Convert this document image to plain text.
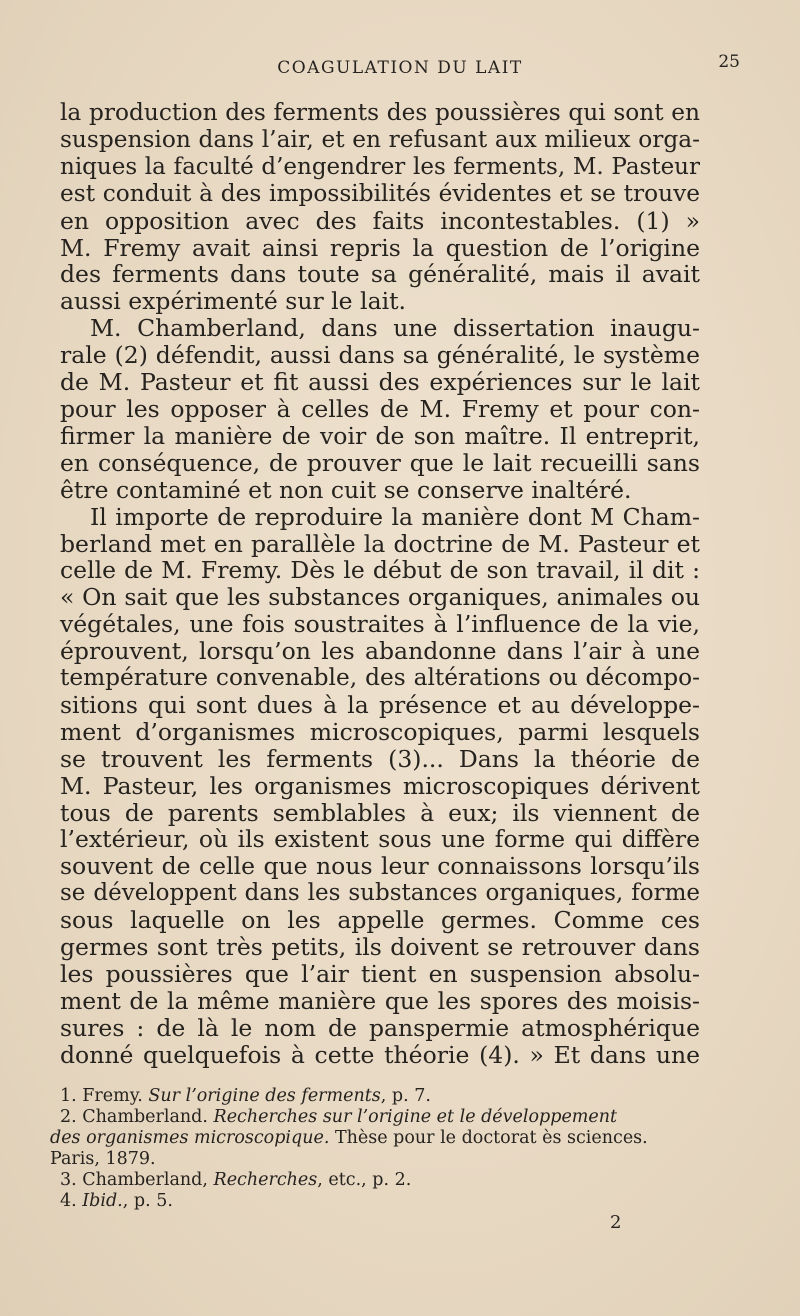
COAGULATION DU LAIT	25
la production des ferments des poussières qui sont en
suspension dans l’air, et en refusant aux milieux orga-
niques la faculté d’engendrer les ferments, M. Pasteur
est conduit à des impossibilités évidentes et se trouve
en opposition avec des faits incontestables. (1) »
M. Fremy avait ainsi repris la question de l’origine
des ferments dans toute sa généralité, mais il avait
aussi expérimenté sur le lait.
M. Chamberland, dans une dissertation inaugu-
rale (2) défendit, aussi dans sa généralité, le système
de M. Pasteur et fit aussi des expériences sur le lait
pour les opposer à celles de M. Fremy et pour con-
firmer la manière de voir de son maître. Il entreprit,
en conséquence, de prouver que le lait recueilli sans
être contaminé et non cuit se conserve inaltéré.
Il importe de reproduire la manière dont M Cham-
berland met en parallèle la doctrine de M. Pasteur et
celle de M. Fremy. Dès le début de son travail, il dit :
« On sait que les substances organiques, animales ou
végétales, une fois soustraites à l’influence de la vie,
éprouvent, lorsqu’on les abandonne dans l’air à une
température convenable, des altérations ou décompo-
sitions qui sont dues à la présence et au développe-
ment d’organismes microscopiques, parmi lesquels
se trouvent les ferments (3)... Dans la théorie de
M. Pasteur, les organismes microscopiques dérivent
tous de parents semblables à eux; ils viennent de
l’extérieur, où ils existent sous une forme qui diffère
souvent de celle que nous leur connaissons lorsqu’ils
se développent dans les substances organiques, forme
sous laquelle on les appelle germes. Comme ces
germes sont très petits, ils doivent se retrouver dans
les poussières que l’air tient en suspension absolu-
ment de la même manière que les spores des moisis-
sures : de là le nom de panspermie atmosphérique
donné quelquefois à cette théorie (4). » Et dans une
1. Fremy. Sur l’origine des ferments, p. 7.
2. Chamberland. Recherches sur l’origine et le développement
des organismes microscopique. Thèse pour le doctorat ès sciences.
Paris, 1879.
3. Chamberland, Recherches, etc., p. 2.
4. Ibid., p. 5.
2
